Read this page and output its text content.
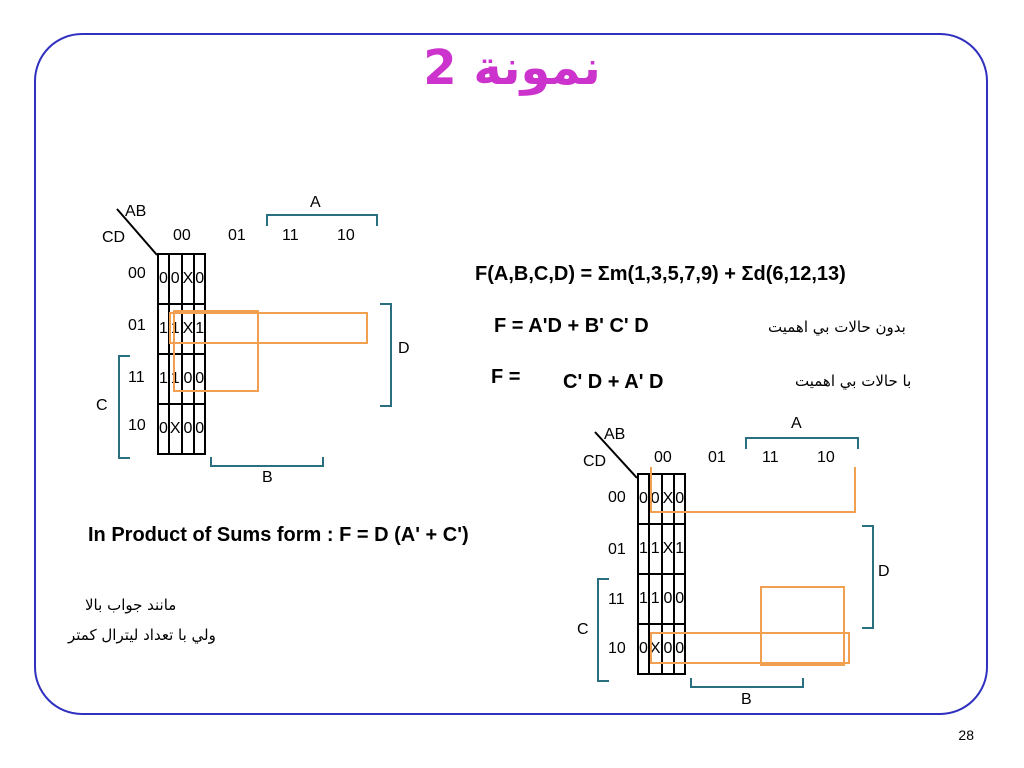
نمونة 2
AB
CD	00 01 11 10
00
01
11
10
0	0	X	0
1	1	X	1
1	1	0	0
0	X	0	0
A
D
C
B
F(A,B,C,D) = Σm(1,3,5,7,9) + Σd(6,12,13)
F = A'D + B' C' D	بدون حالات بي اهميت
F = C' D + A' D	با حالات بي اهميت
In Product of Sums form : F = D (A' + C')
مانند جواب بالا
ولي با تعداد ليترال كمتر
AB
CD	00 01 11 10
00
01
11
10
0	0	X	0
1	1	X	1
1	1	0	0
0	X	0	0
A
D
C
B
28
